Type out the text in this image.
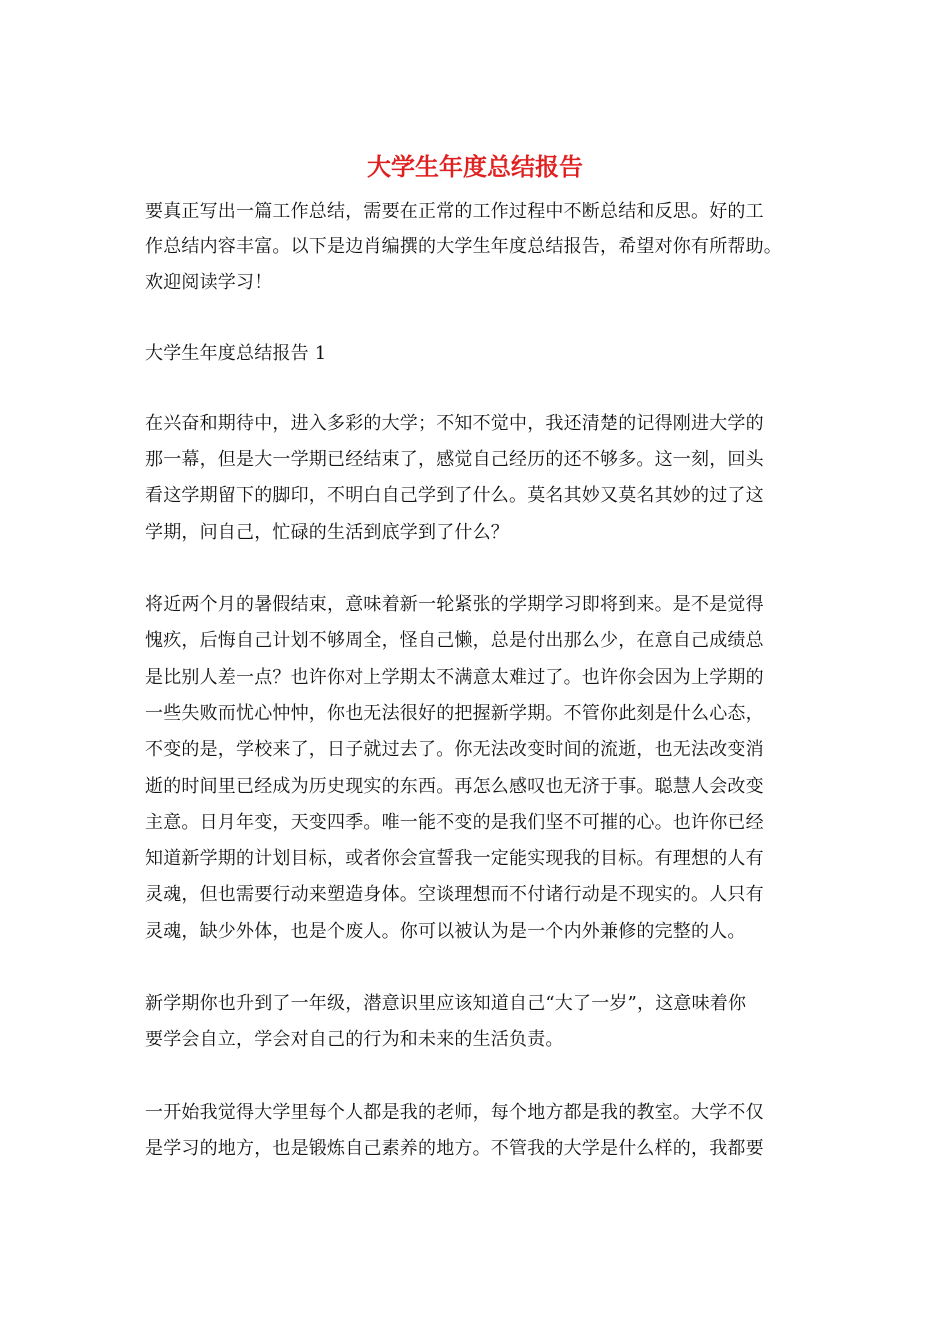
大学生年度总结报告

要真正写出一篇工作总结，需要在正常的工作过程中不断总结和反思。好的工

作总结内容丰富。以下是边肖编撰的大学生年度总结报告，希望对你有所帮助。

欢迎阅读学习！

大学生年度总结报告 1

在兴奋和期待中，进入多彩的大学；不知不觉中，我还清楚的记得刚进大学的

那一幕，但是大一学期已经结束了，感觉自己经历的还不够多。这一刻，回头

看这学期留下的脚印，不明白自己学到了什么。莫名其妙又莫名其妙的过了这

学期，问自己，忙碌的生活到底学到了什么？

将近两个月的暑假结束，意味着新一轮紧张的学期学习即将到来。是不是觉得

愧疚，后悔自己计划不够周全，怪自己懒，总是付出那么少，在意自己成绩总

是比别人差一点？也许你对上学期太不满意太难过了。也许你会因为上学期的

一些失败而忧心忡忡，你也无法很好的把握新学期。不管你此刻是什么心态，

不变的是，学校来了，日子就过去了。你无法改变时间的流逝，也无法改变消

逝的时间里已经成为历史现实的东西。再怎么感叹也无济于事。聪慧人会改变

主意。日月年变，天变四季。唯一能不变的是我们坚不可摧的心。也许你已经

知道新学期的计划目标，或者你会宣誓我一定能实现我的目标。有理想的人有

灵魂，但也需要行动来塑造身体。空谈理想而不付诸行动是不现实的。人只有

灵魂，缺少外体，也是个废人。你可以被认为是一个内外兼修的完整的人。

新学期你也升到了一年级，潜意识里应该知道自己“大了一岁”，这意味着你

要学会自立，学会对自己的行为和未来的生活负责。

一开始我觉得大学里每个人都是我的老师，每个地方都是我的教室。大学不仅

是学习的地方，也是锻炼自己素养的地方。不管我的大学是什么样的，我都要
